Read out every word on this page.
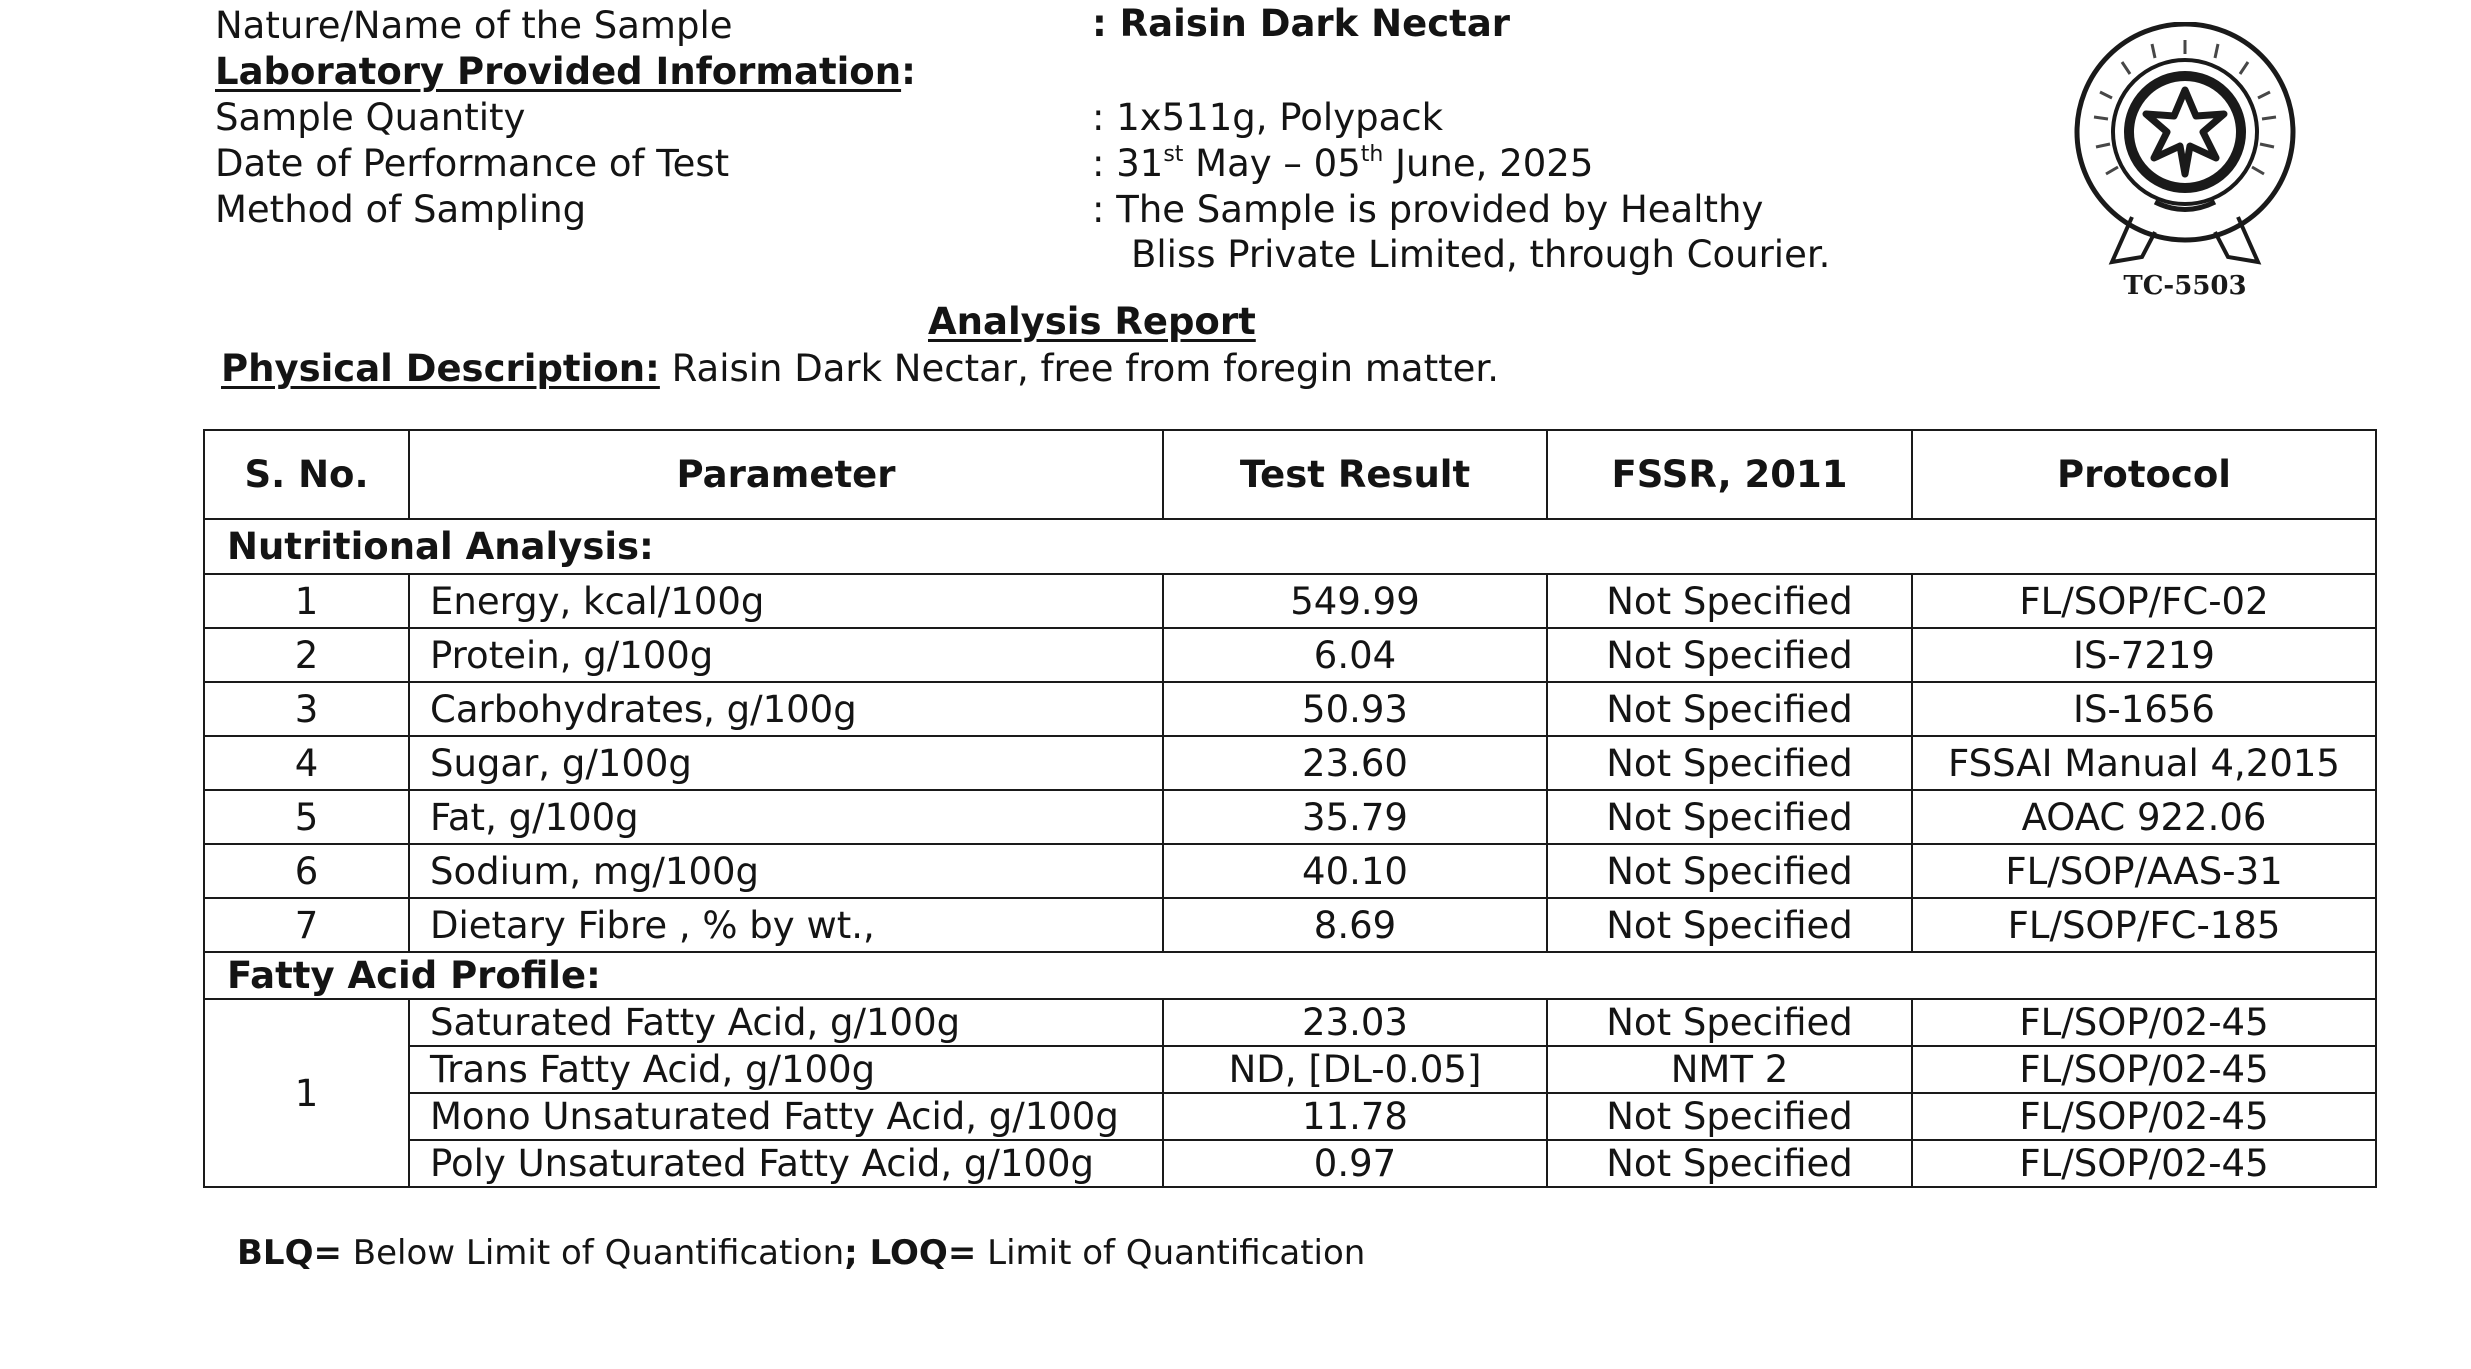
Nature/Name of the Sample	: Raisin Dark Nectar
Laboratory Provided Information:
Sample Quantity	: 1x511g, Polypack
Date of Performance of Test	: 31st May – 05th June, 2025
Method of Sampling	: The Sample is provided by Healthy
Bliss Private Limited, through Courier.
TC-5503
Analysis Report
Physical Description: Raisin Dark Nectar, free from foregin matter.
S. No.	Parameter	Test Result	FSSR, 2011	Protocol
Nutritional Analysis:				
1	Energy, kcal/100g	549.99	Not Specified	FL/SOP/FC-02
2	Protein, g/100g	6.04	Not Specified	IS-7219
3	Carbohydrates, g/100g	50.93	Not Specified	IS-1656
4	Sugar, g/100g	23.60	Not Specified	FSSAI Manual 4,2015
5	Fat, g/100g	35.79	Not Specified	AOAC 922.06
6	Sodium, mg/100g	40.10	Not Specified	FL/SOP/AAS-31
7	Dietary Fibre , % by wt.,	8.69	Not Specified	FL/SOP/FC-185
Fatty Acid Profile:				
1	Saturated Fatty Acid, g/100g	23.03	Not Specified	FL/SOP/02-45
	Trans Fatty Acid, g/100g	ND, [DL-0.05]	NMT 2	FL/SOP/02-45
	Mono Unsaturated Fatty Acid, g/100g	11.78	Not Specified	FL/SOP/02-45
	Poly Unsaturated Fatty Acid, g/100g	0.97	Not Specified	FL/SOP/02-45
BLQ= Below Limit of Quantification; LOQ= Limit of Quantification
